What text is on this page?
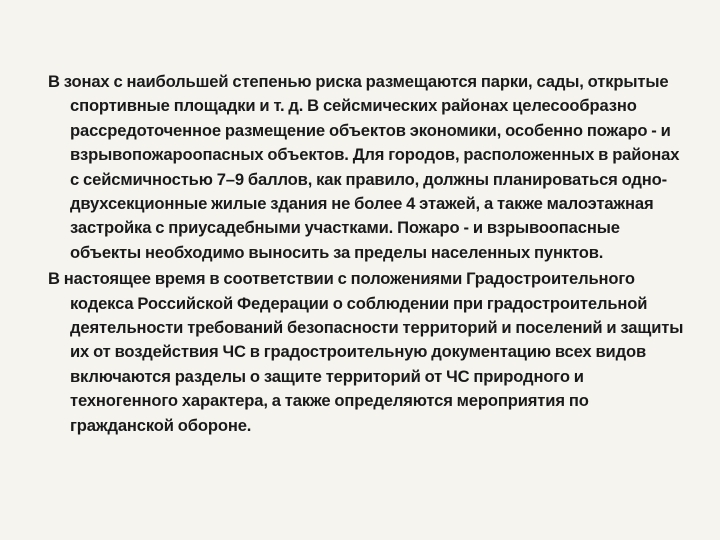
В зонах с наибольшей степенью риска размещаются парки, сады, открытые спортивные площадки и т. д. В сейсмических районах целесообразно рассредоточенное размещение объектов экономики, особенно пожаро - и взрывопожароопасных объектов. Для городов, расположенных в районах с сейсмичностью 7–9 баллов, как правило, должны планироваться одно- двухсекционные жилые здания не более 4 этажей, а также малоэтажная застройка с приусадебными участками. Пожаро - и взрывоопасные объекты необходимо выносить за пределы населенных пунктов.

В настоящее время в соответствии с положениями Градостроительного кодекса Российской Федерации о соблюдении при градостроительной деятельности требований безопасности территорий и поселений и защиты их от воздействия ЧС в градостроительную документацию всех видов включаются разделы о защите территорий от ЧС природного и техногенного характера, а также определяются мероприятия по гражданской обороне.
